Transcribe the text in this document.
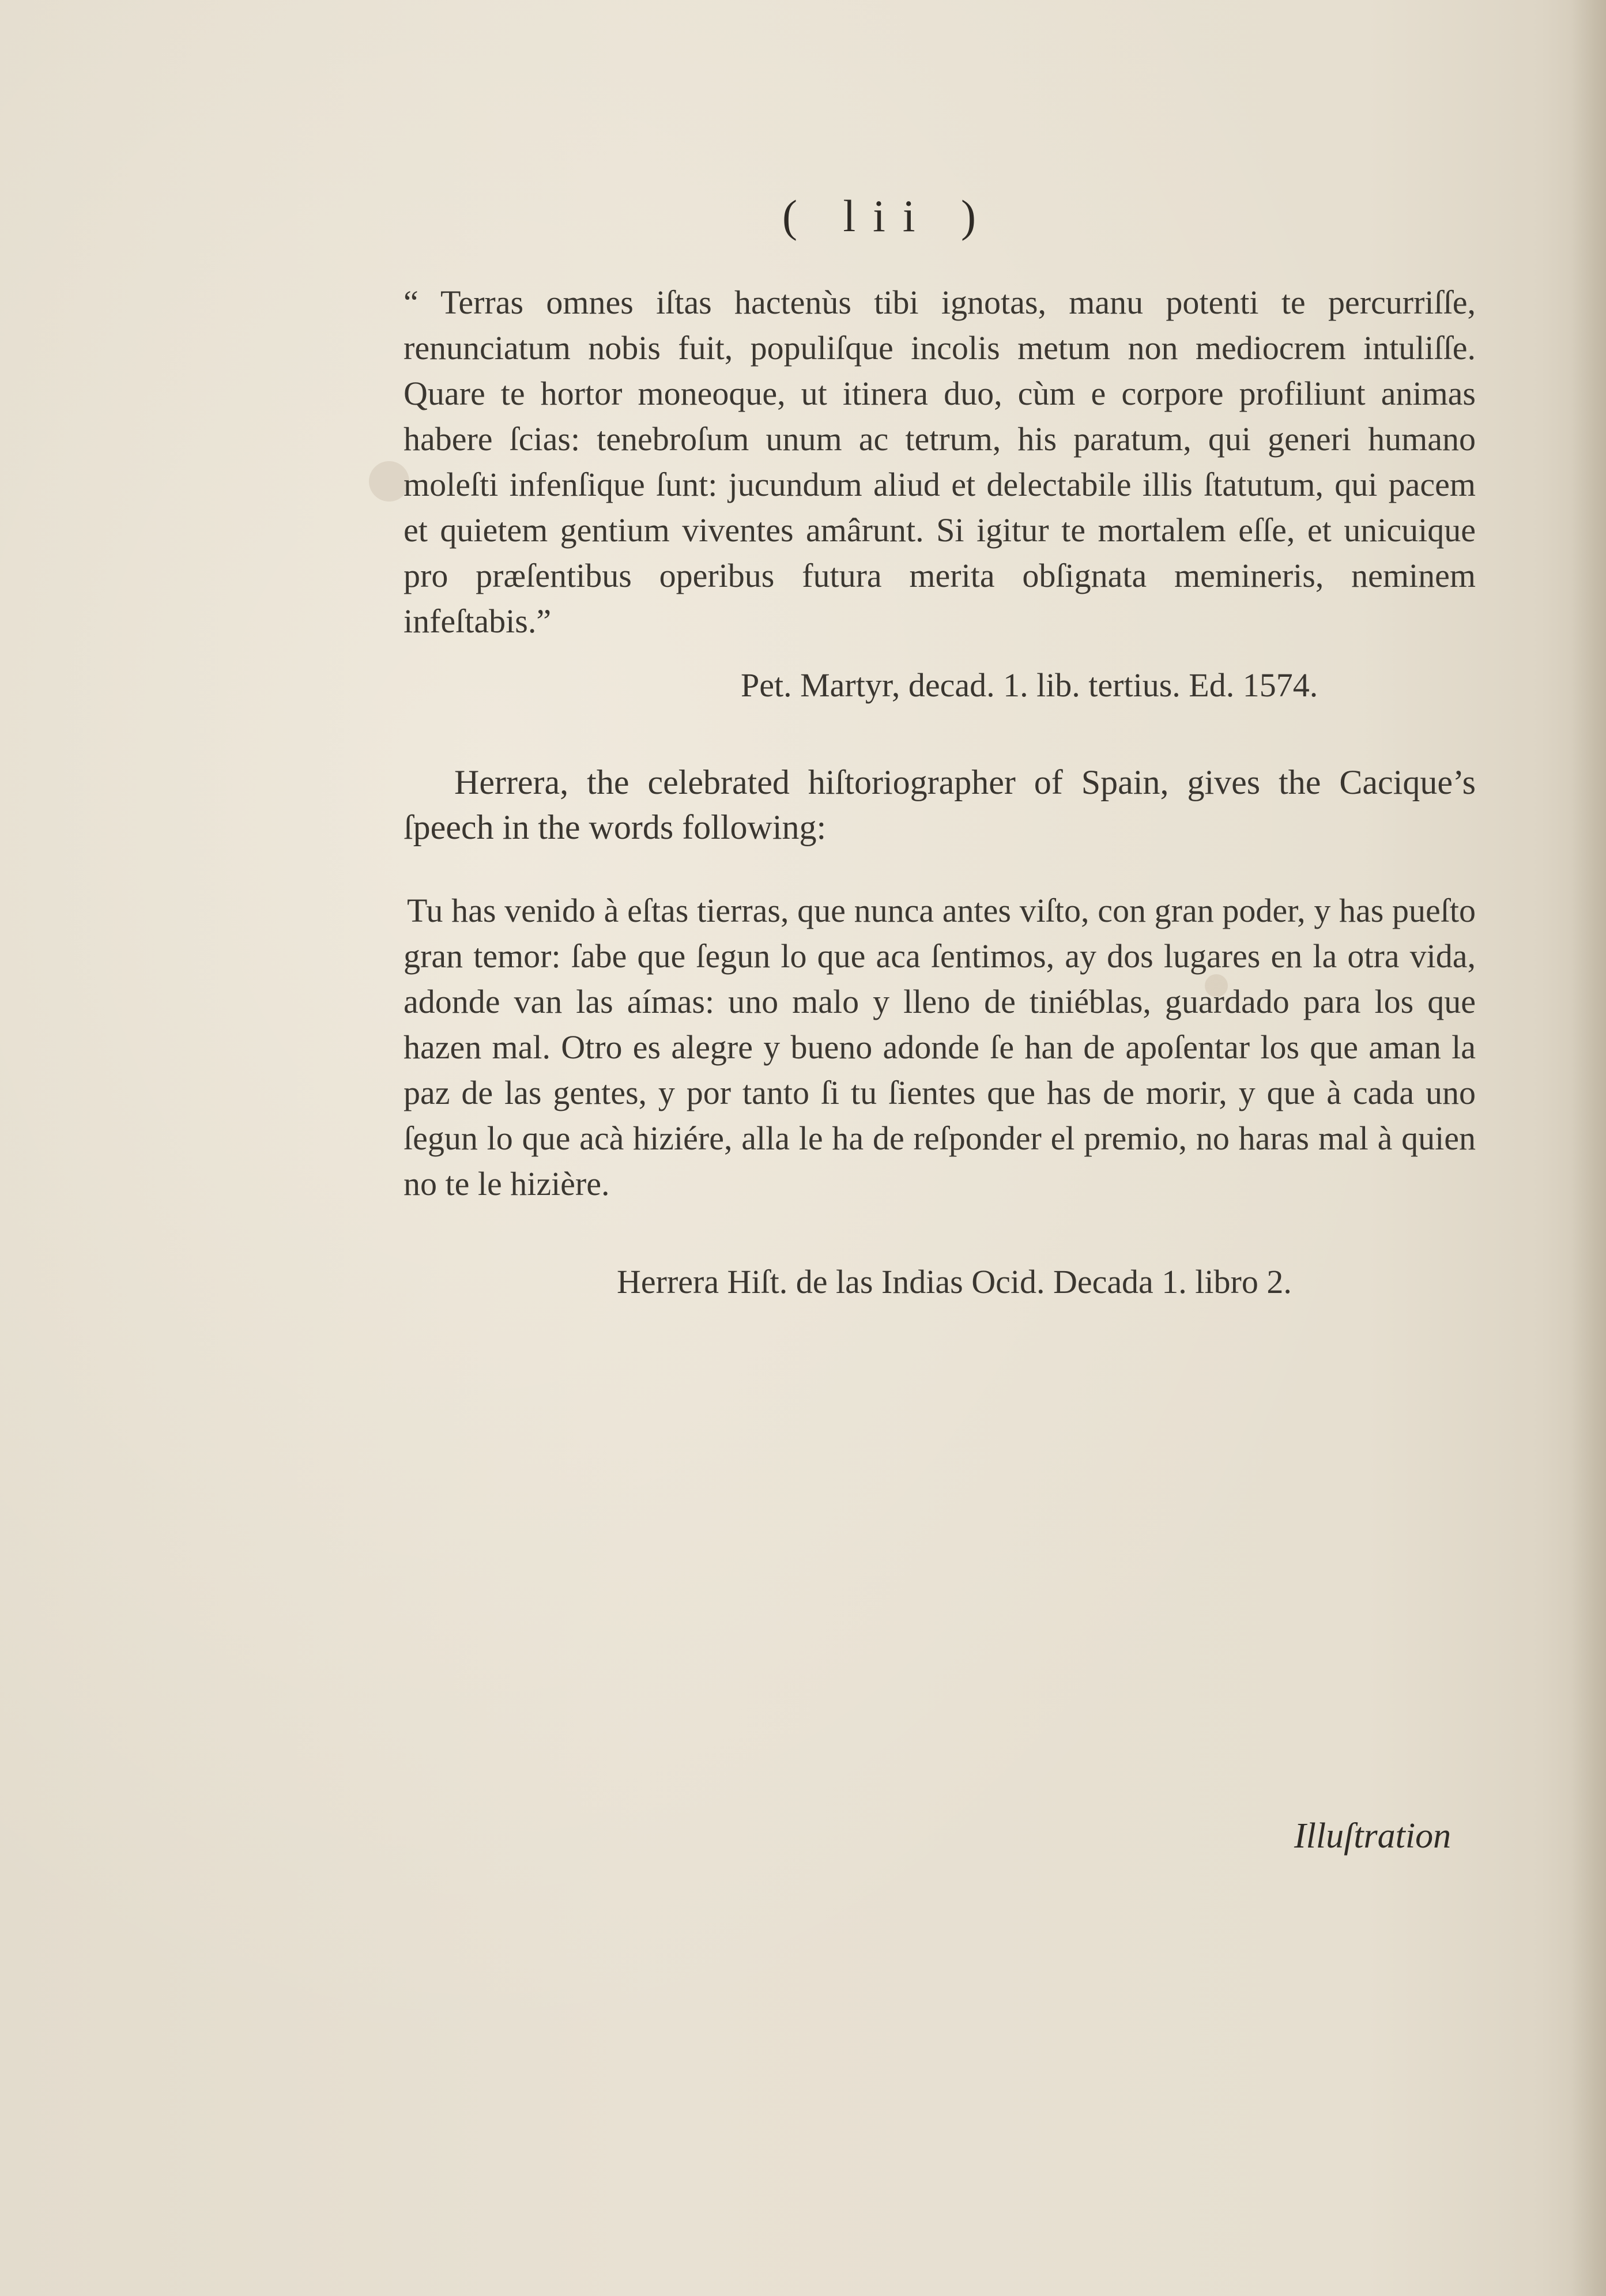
( lii )
“ Terras omnes iſtas hactenùs tibi ignotas, manu potenti te percurriſſe, renunciatum nobis fuit, populiſque incolis metum non mediocrem intuliſſe. Quare te hortor moneoque, ut itinera duo, cùm e corpore profiliunt animas habere ſcias: tenebroſum unum ac tetrum, his paratum, qui generi humano moleſti infenſique ſunt: jucundum aliud et delectabile illis ſtatutum, qui pacem et quietem gentium viventes amârunt. Si igitur te mortalem eſſe, et unicuique pro præſentibus operibus futura merita obſignata memineris, neminem infeſtabis.”
Pet. Martyr, decad. 1. lib. tertius. Ed. 1574.
Herrera, the celebrated hiſtoriographer of Spain, gives the Cacique’s ſpeech in the words following:
Tu has venido à eſtas tierras, que nunca antes viſto, con gran poder, y has pueſto gran temor: ſabe que ſegun lo que aca ſentimos, ay dos lugares en la otra vida, adonde van las aímas: uno malo y lleno de tiniéblas, guardado para los que hazen mal. Otro es alegre y bueno adonde ſe han de apoſentar los que aman la paz de las gentes, y por tanto ſi tu ſientes que has de morir, y que à cada uno ſegun lo que acà hiziére, alla le ha de reſponder el premio, no haras mal à quien no te le hizière.
Herrera Hiſt. de las Indias Ocid. Decada 1. libro 2.
Illuſtration
